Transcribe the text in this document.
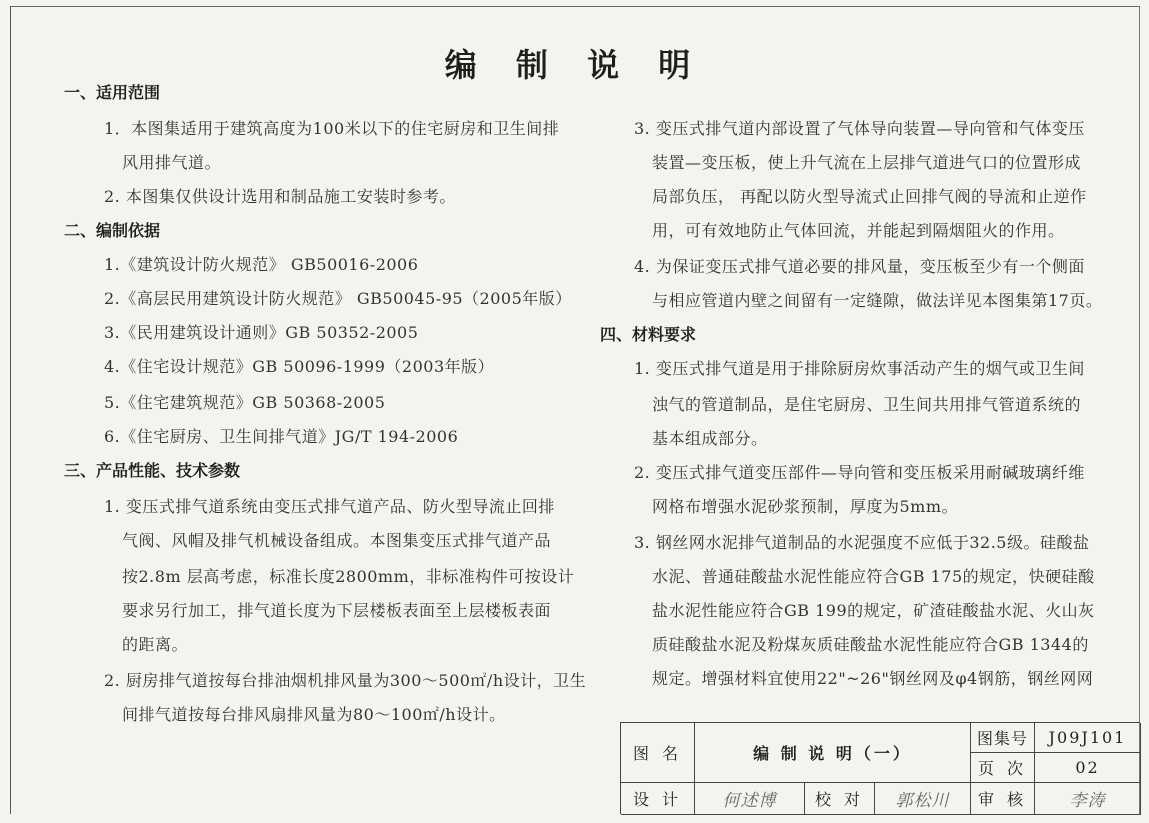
编 制 说 明
一、适用范围
1．本图集适用于建筑高度为100米以下的住宅厨房和卫生间排
风用排气道。
2. 本图集仅供设计选用和制品施工安装时参考。
二、编制依据
1.《建筑设计防火规范》 GB50016-2006
2.《高层民用建筑设计防火规范》 GB50045-95（2005年版）
3.《民用建筑设计通则》GB 50352-2005
4.《住宅设计规范》GB 50096-1999（2003年版）
5.《住宅建筑规范》GB 50368-2005
6.《住宅厨房、卫生间排气道》JG/T 194-2006
三、产品性能、技术参数
1. 变压式排气道系统由变压式排气道产品、防火型导流止回排
气阀、风帽及排气机械设备组成。本图集变压式排气道产品
按2.8m 层高考虑，标准长度2800mm，非标准构件可按设计
要求另行加工，排气道长度为下层楼板表面至上层楼板表面
的距离。
2. 厨房排气道按每台排油烟机排风量为300～500㎡/h设计，卫生
间排气道按每台排风扇排风量为80～100㎡/h设计。
3. 变压式排气道内部设置了气体导向装置—导向管和气体变压
装置—变压板，使上升气流在上层排气道进气口的位置形成
局部负压， 再配以防火型导流式止回排气阀的导流和止逆作
用，可有效地防止气体回流，并能起到隔烟阻火的作用。
4. 为保证变压式排气道必要的排风量，变压板至少有一个侧面
与相应管道内壁之间留有一定缝隙，做法详见本图集第17页。
四、材料要求
1. 变压式排气道是用于排除厨房炊事活动产生的烟气或卫生间
浊气的管道制品，是住宅厨房、卫生间共用排气管道系统的
基本组成部分。
2. 变压式排气道变压部件—导向管和变压板采用耐碱玻璃纤维
网格布增强水泥砂浆预制，厚度为5mm。
3. 钢丝网水泥排气道制品的水泥强度不应低于32.5级。硅酸盐
水泥、普通硅酸盐水泥性能应符合GB 175的规定，快硬硅酸
盐水泥性能应符合GB 199的规定，矿渣硅酸盐水泥、火山灰
质硅酸盐水泥及粉煤灰质硅酸盐水泥性能应符合GB 1344的
规定。增强材料宜使用22"~26"钢丝网及φ4钢筋，钢丝网网
图 名	编 制 说 明（一）
图集号	J09J101
页 次	02
设 计	何述博	校 对	郭松川	审 核	李涛
